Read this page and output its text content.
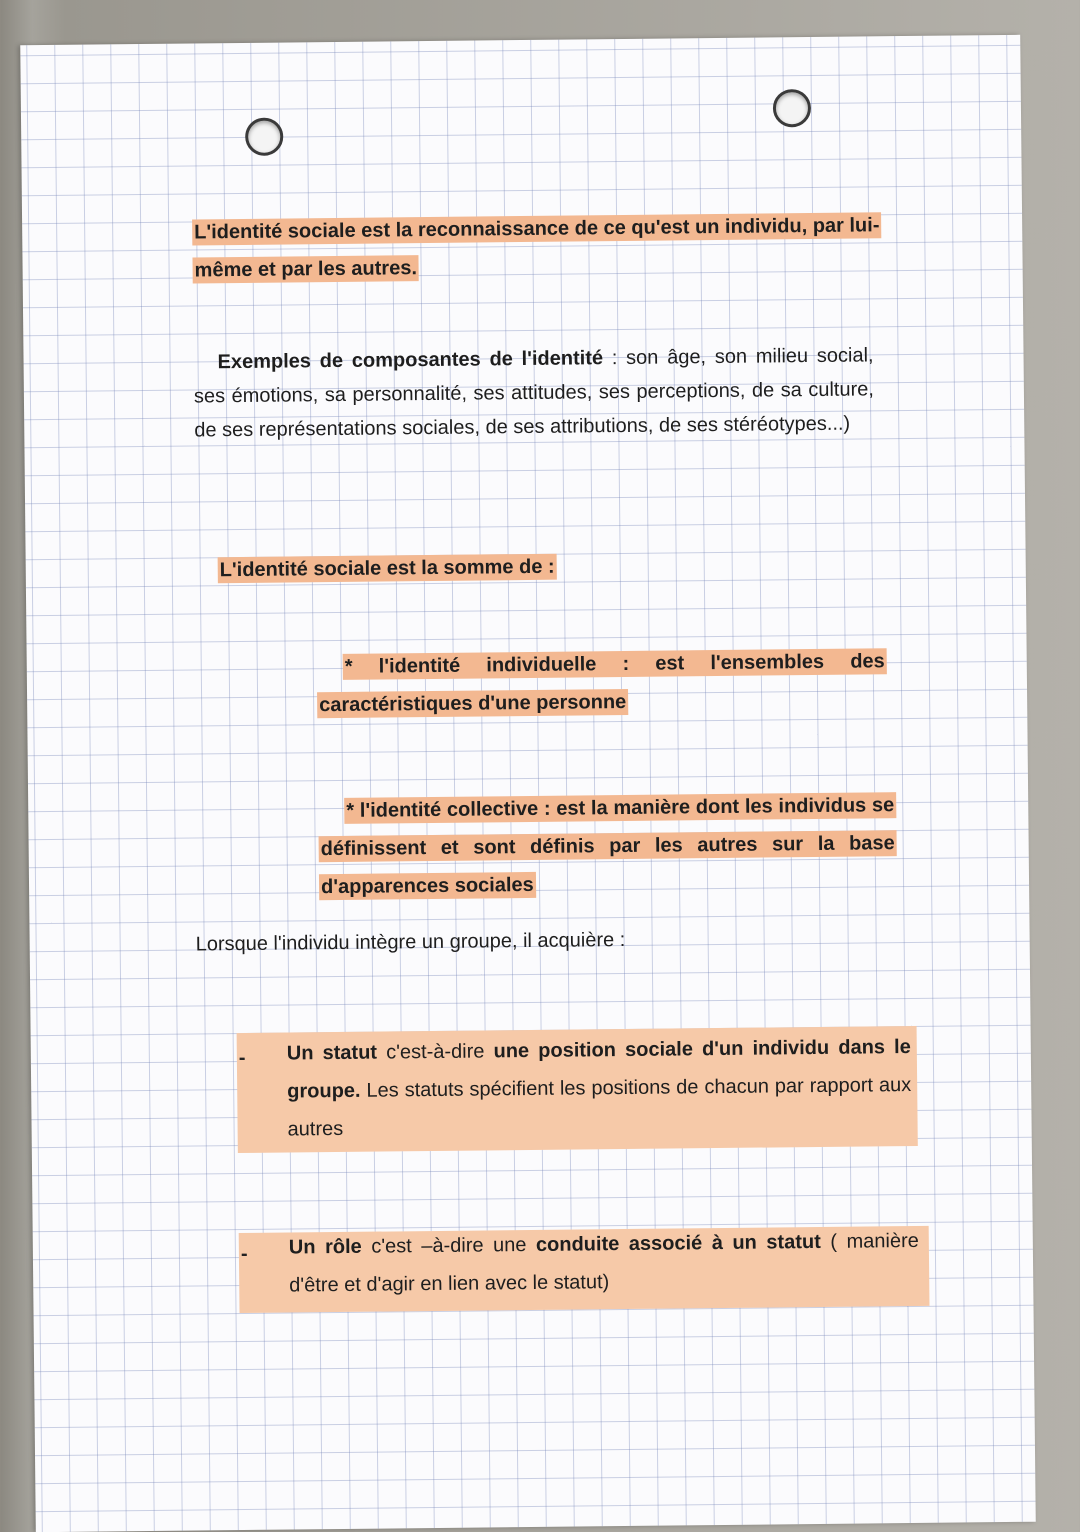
L'identité sociale est la reconnaissance de ce qu'est un individu, par lui-même et par les autres.
Exemples de composantes de l'identité : son âge, son milieu social, ses émotions, sa personnalité, ses attitudes, ses perceptions, de sa culture, de ses représentations sociales, de ses attributions, de ses stéréotypes...)
L'identité sociale est la somme de :
* l'identité individuelle : est l'ensembles des caractéristiques d'une personne
* l'identité collective : est la manière dont les individus se définissent et sont définis par les autres sur la base d'apparences sociales
Lorsque l'individu intègre un groupe, il acquière :
- Un statut c'est-à-dire une position sociale d'un individu dans le groupe. Les statuts spécifient les positions de chacun par rapport aux autres
- Un rôle c'est –à-dire une conduite associé à un statut ( manière d'être et d'agir en lien avec le statut)
